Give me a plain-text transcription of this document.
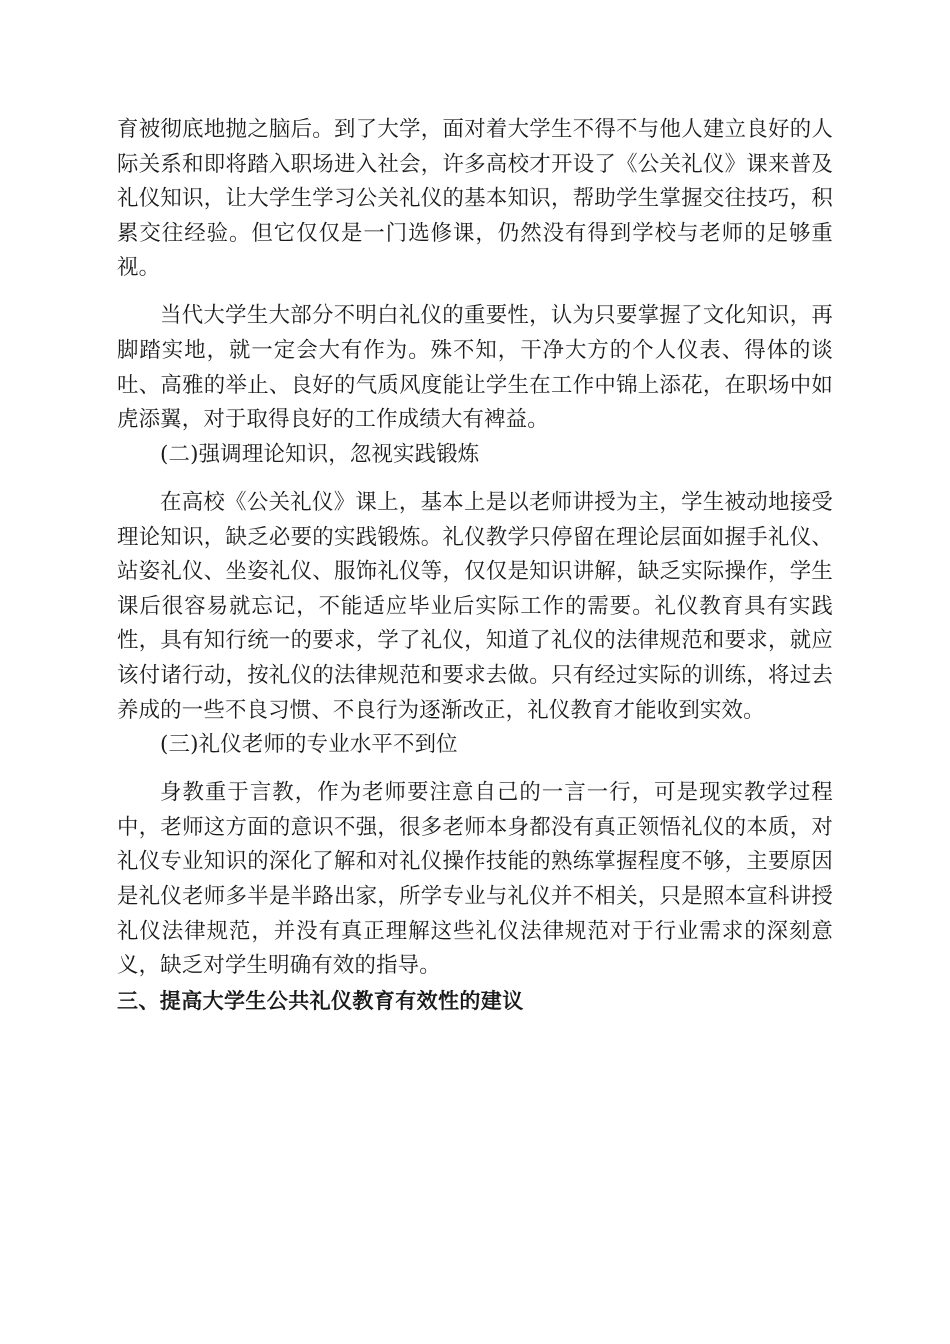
育被彻底地抛之脑后。到了大学，面对着大学生不得不与他人建立良好的人际关系和即将踏入职场进入社会，许多高校才开设了《公关礼仪》课来普及礼仪知识，让大学生学习公关礼仪的基本知识，帮助学生掌握交往技巧，积累交往经验。但它仅仅是一门选修课，仍然没有得到学校与老师的足够重视。

当代大学生大部分不明白礼仪的重要性，认为只要掌握了文化知识，再脚踏实地，就一定会大有作为。殊不知，干净大方的个人仪表、得体的谈吐、高雅的举止、良好的气质风度能让学生在工作中锦上添花，在职场中如虎添翼，对于取得良好的工作成绩大有裨益。

(二)强调理论知识，忽视实践锻炼

在高校《公关礼仪》课上，基本上是以老师讲授为主，学生被动地接受理论知识，缺乏必要的实践锻炼。礼仪教学只停留在理论层面如握手礼仪、站姿礼仪、坐姿礼仪、服饰礼仪等，仅仅是知识讲解，缺乏实际操作，学生课后很容易就忘记，不能适应毕业后实际工作的需要。礼仪教育具有实践性，具有知行统一的要求，学了礼仪，知道了礼仪的法律规范和要求，就应该付诸行动，按礼仪的法律规范和要求去做。只有经过实际的训练，将过去养成的一些不良习惯、不良行为逐渐改正，礼仪教育才能收到实效。

(三)礼仪老师的专业水平不到位

身教重于言教，作为老师要注意自己的一言一行，可是现实教学过程中，老师这方面的意识不强，很多老师本身都没有真正领悟礼仪的本质，对礼仪专业知识的深化了解和对礼仪操作技能的熟练掌握程度不够，主要原因是礼仪老师多半是半路出家，所学专业与礼仪并不相关，只是照本宣科讲授礼仪法律规范，并没有真正理解这些礼仪法律规范对于行业需求的深刻意义，缺乏对学生明确有效的指导。

三、提高大学生公共礼仪教育有效性的建议
